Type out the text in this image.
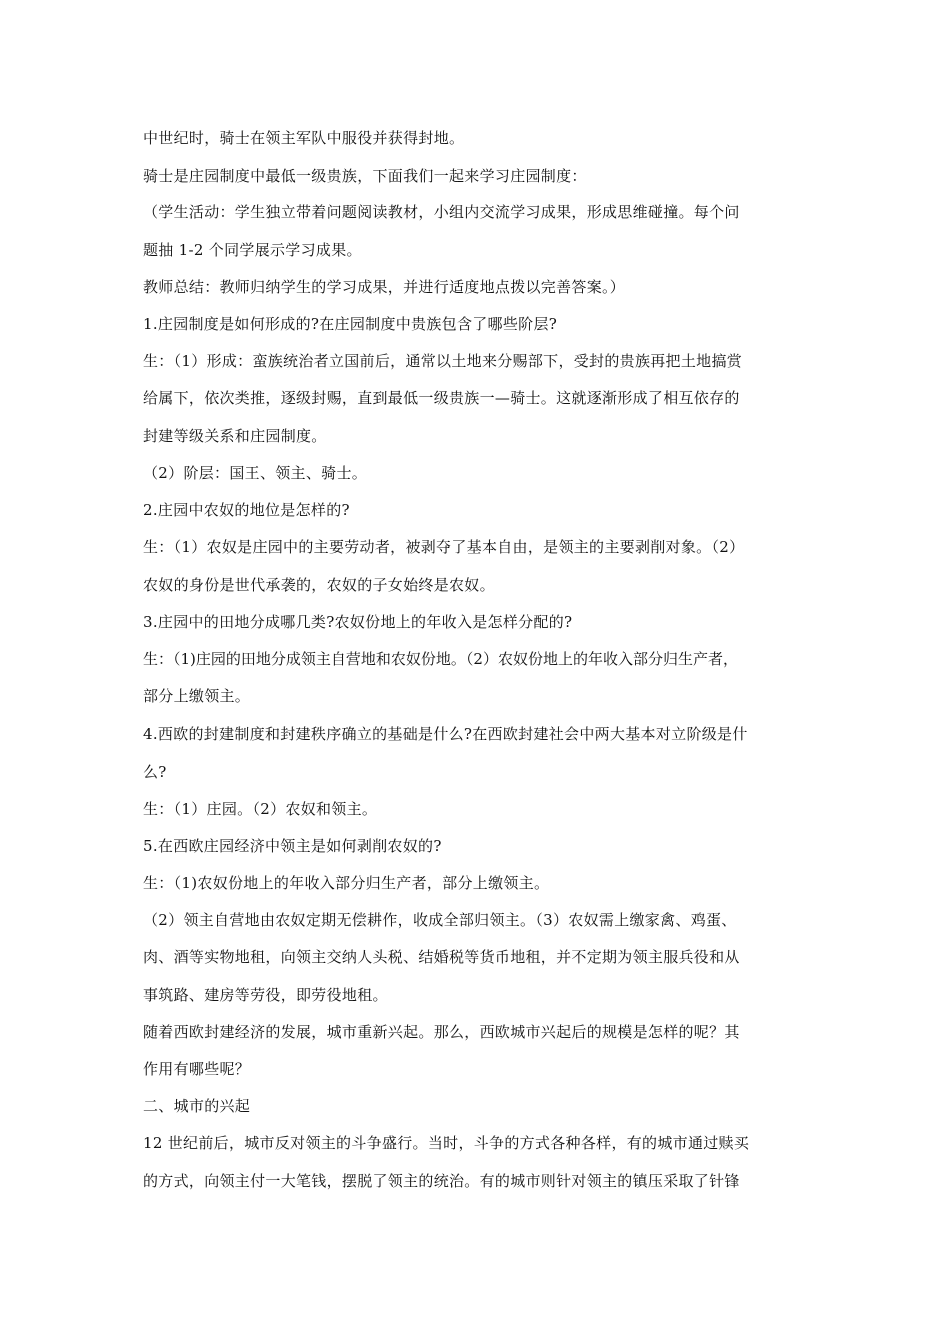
中世纪时，骑士在领主军队中服役并获得封地。
骑士是庄园制度中最低一级贵族，下面我们一起来学习庄园制度：
（学生活动：学生独立带着问题阅读教材，小组内交流学习成果，形成思维碰撞。每个问
题抽 1-2 个同学展示学习成果。
教师总结：教师归纳学生的学习成果，并进行适度地点拨以完善答案。）
1.庄园制度是如何形成的?在庄园制度中贵族包含了哪些阶层?
生：（1）形成：蛮族统治者立国前后，通常以土地来分赐部下，受封的贵族再把土地搞赏
给属下，依次类推，逐级封赐，直到最低一级贵族一—骑士。这就逐渐形成了相互依存的
封建等级关系和庄园制度。
（2）阶层：国王、领主、骑士。
2.庄园中农奴的地位是怎样的?
生：（1）农奴是庄园中的主要劳动者，被剥夺了基本自由，是领主的主要剥削对象。（2）
农奴的身份是世代承袭的，农奴的子女始终是农奴。
3.庄园中的田地分成哪几类?农奴份地上的年收入是怎样分配的?
生：（1)庄园的田地分成领主自营地和农奴份地。（2）农奴份地上的年收入部分归生产者，
部分上缴领主。
4.西欧的封建制度和封建秩序确立的基础是什么?在西欧封建社会中两大基本对立阶级是什
么?
生：（1）庄园。（2）农奴和领主。
5.在西欧庄园经济中领主是如何剥削农奴的?
生：（1)农奴份地上的年收入部分归生产者，部分上缴领主。
（2）领主自营地由农奴定期无偿耕作，收成全部归领主。（3）农奴需上缴家禽、鸡蛋、
肉、酒等实物地租，向领主交纳人头税、结婚税等货币地租，并不定期为领主服兵役和从
事筑路、建房等劳役，即劳役地租。
随着西欧封建经济的发展，城市重新兴起。那么，西欧城市兴起后的规模是怎样的呢？其
作用有哪些呢？
二、城市的兴起
12 世纪前后，城市反对领主的斗争盛行。当时，斗争的方式各种各样，有的城市通过赎买
的方式，向领主付一大笔钱，摆脱了领主的统治。有的城市则针对领主的镇压采取了针锋
